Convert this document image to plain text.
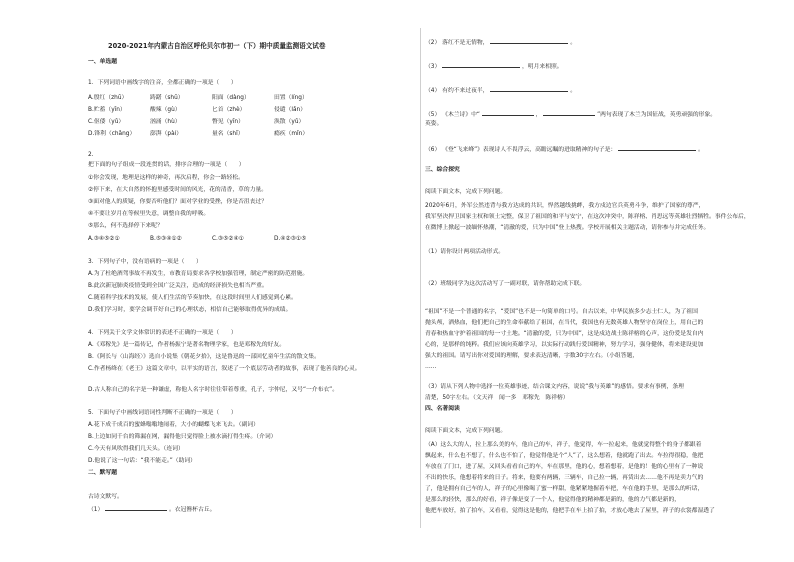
2020-2021年内蒙古自治区呼伦贝尔市初一（下）期中质量监测语文试卷
一、单选题
1．下列词语中画线字的注音，全都正确的一项是（　　）
A.殷红（zhū）	踌躇（shū）	阳面（dàng）	田置（líng）
B.贮蓄（yīn）	酸辣（gù）	匕首（zhè）	侵谴（lǎn）
C.伛偻（yǔ）	汹涌（hù）	瞥见（yīn）	涣散（yǔ）
D.锋利（chǎng）	澎湃（pài）	量名（shǐ）	瘾疾（mǐn）
2.
把下面的句子组成一段连贯的话，排序合理的一项是（　　）
①你会发现，地理是这样的神奇，再次启程，你会一路轻松。
②停下来，在大自然的怀抱里感受时间的风光，花的清香，草的力量。
③面对他人的质疑，你要否听他们？面对学业的受挫，你是否沮丧过？
④不要让岁月在等候里失意，调整自我的呼吸。
⑤那么，何不选择停下来呢？
A.③④⑤②①	B.⑤③④①②	C.③⑤②④①	D.④②③①⑤
3．下列句子中，没有语病的一项是（　　）
A.为了杜绝酒驾事故不再发生，市教育局要求各学校加强管理，制定严密的防范措施。
B.此次新冠肺炎疫情受到全国广泛关注，造成的经济损失也相当严重。
C.随着科学技术的发展，使人们生活的节奏加快，在这段时间里人们感觉到心累。
D.我们学习时，要学会调节好自己的心理状态，相信自己能够取得优异的成绩。
4．下列关于文学文体常识的表述不正确的一项是（　　）
A.《邓稼先》是一篇传记，作者杨振宁是著名物理学家，也是邓稼先的好友。
B.《阿长与〈山海经〉》选自小说集《朝花夕拾》，这是鲁迅的一部回忆童年生活的散文集。
C.作者杨绛在《老王》这篇文章中，以平实的语言，叙述了一个底层劳动者的故事，表现了他善良的心灵。
D.古人称自己的名字是一种谦虚，称他人名字时往往带着尊重，孔子，字仲尼，又号“一介布衣”。
5．下面句子中画线词语词性判断不正确的一项是（　　）
A.花下成千成百的蜜蜂嗡嗡地闹着，大小的蝴蝶飞来飞去。（副词）
B.上边如同千台的筛漏在网，漏得他只觉得脸上被水滴打得生疼。（介词）
C.今天有风吹得我们几天头。（连词）
D.他说了这一句话：“我不能走。”（助词）
二、默写题
古诗文默写。
（1）	。衣冠簪杯古丘。
（2） 落红不是无情物，	。
（3）	，明月来相照。
（4） 有约不来过夜半，	。
（5） 《木兰诗》中“	，	”两句表现了木兰为国征战，英勇顽强的形象。
英姿。
（6） 《登“飞来峰”》表现诗人不畏浮云，高瞻远瞩的进取精神的句子是：	。
三、综合探究
阅读下面文本，完成下列问题。
2020年6月，外军公然违背与我方达成的共识，悍然越线挑衅，我方戍边官兵英勇斗争，维护了国家的尊严，
我军坚决捍卫国家主权和领土完整，保卫了祖国的和平与安宁，在这次冲突中，陈祥榕、肖思远等英雄壮烈牺牲。事件公布后，
在微博上掀起一波缅怀热潮，“清澈的爱，只为中国”登上热搜。学校开展相关主题活动，请你参与并完成任务。
（1）请你设计两项活动形式。
（2）班级同学为这次活动写了一副对联，请你帮助完成下联。
“祖国”不是一个普通的名字，“爱国”也不是一句简单的口号。自古以来，中华民族多少志士仁人，为了祖国
抛头颅，洒热血，他们把自己的生命奉献给了祖国，在当代，我国也有无数英雄人物坚守在岗位上，用自己的
青春和热血守护着祖国的每一寸土地。“清澈的爱，只为中国”，这是戍边战士陈祥榕的心声，这份爱是发自内
心的，是那样的纯粹。我们应该向英雄学习，以实际行动践行爱国精神，努力学习，强身健体，将来建设更加
强大的祖国。请写出你对爱国的理解，要求表达清晰，字数30字左右。（小组答题，
……
（3）请从下列人物中选择一位英雄事迹，结合课文内容，说说“我与英雄”的感悟。要求有事例，条理
清楚，50字左右。（文天祥　闻一多　邓稼先　陈祥榕）
四、名著阅读
阅读下面文本，完成下列问题。
（A）这么大的人，拉上那么美的车，他自己的车，祥子，他觉得，车一拉起来，他就觉得整个的身子都跟着
飘起来，什么也不想了，什么也不怕了，他觉得他是个“人”了，这么想着，他就跑了出去。车拉得很稳，他把
车放在了门口，进了屋，又回头看看自己的车，车在那里，他的心，想着想着，是他的！他的心里有了一种说
不出的快乐，他想着将来的日子。将来，他要有两辆，三辆车，自己拉一辆，再赁出去……他不再是卖力气的
了，他是拥有自己车的人，祥子的心里像喝了蜜一样甜，他紧紧地握着车把，车在他的手里，是那么的听话，
是那么的轻快，那么的好看，祥子像是变了一个人，他觉得他的精神都是新的，他的力气都是新的，
他把车放好，拍了拍车，又看看，觉得这是他的，他把手在车上拍了拍，才放心地去了屋里，祥子的衣裳都湿透了
